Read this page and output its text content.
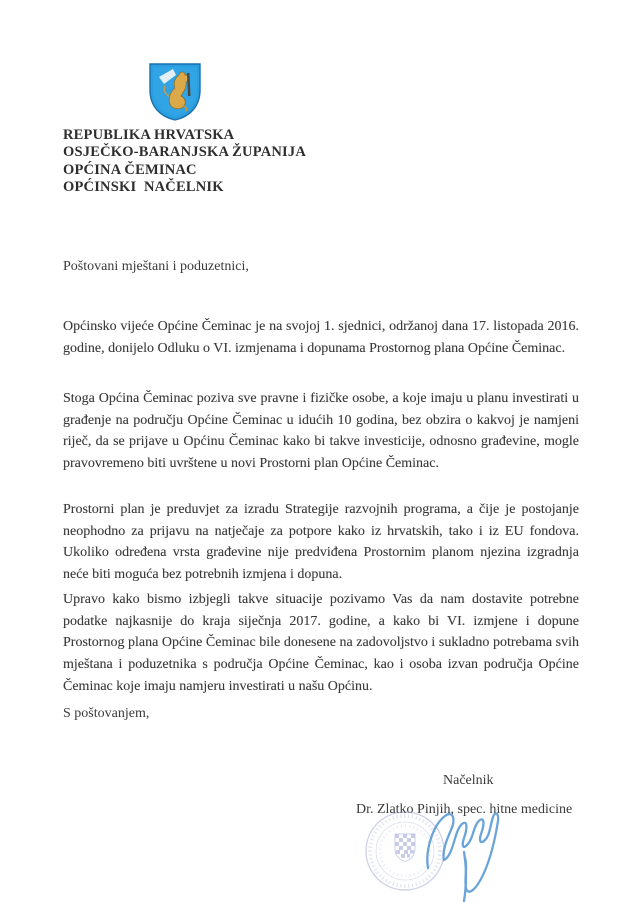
REPUBLIKA HRVATSKA
OSJEČKO-BARANJSKA ŽUPANIJA
OPĆINA ČEMINAC
OPĆINSKI  NAČELNIK

Poštovani mještani i poduzetnici,

Općinsko vijeće Općine Čeminac je na svojoj 1. sjednici, održanoj dana 17. listopada 2016. godine, donijelo Odluku o VI. izmjenama i dopunama Prostornog plana Općine Čeminac.

Stoga Općina Čeminac poziva sve pravne i fizičke osobe, a koje imaju u planu investirati u građenje na području Općine Čeminac u idućih 10 godina, bez obzira o kakvoj je namjeni riječ, da se prijave u Općinu Čeminac kako bi takve investicije, odnosno građevine, mogle pravovremeno biti uvrštene u novi Prostorni plan Općine Čeminac.

Prostorni plan je preduvjet za izradu Strategije razvojnih programa, a čije je postojanje neophodno za prijavu na natječaje za potpore kako iz hrvatskih, tako i iz EU fondova. Ukoliko određena vrsta građevine nije predviđena Prostornim planom njezina izgradnja neće biti moguća bez potrebnih izmjena i dopuna.

Upravo kako bismo izbjegli takve situacije pozivamo Vas da nam dostavite potrebne podatke najkasnije do kraja siječnja 2017. godine, a kako bi VI. izmjene i dopune Prostornog plana Općine Čeminac bile donesene na zadovoljstvo i sukladno potrebama svih mještana i poduzetnika s područja Općine Čeminac, kao i osoba izvan područja Općine Čeminac koje imaju namjeru investirati u našu Općinu.

S poštovanjem,

Načelnik
Dr. Zlatko Pinjih, spec. hitne medicine
